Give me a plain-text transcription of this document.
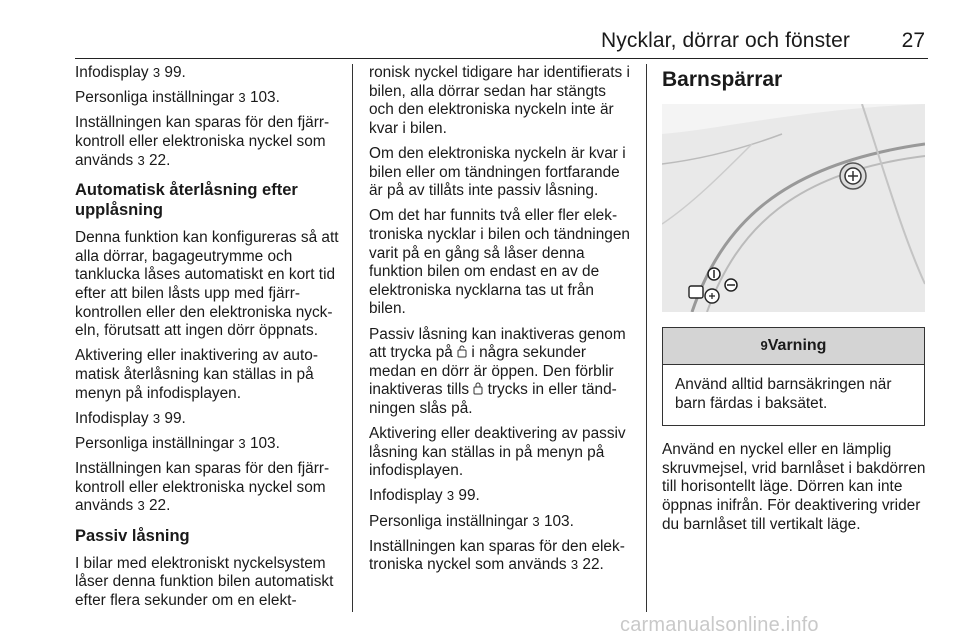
Nycklar, dörrar och fönster 27

Infodisplay 3 99.

Personliga inställningar 3 103.

Inställningen kan sparas för den fjärrkontroll eller elektroniska nyckel som används 3 22.

Automatisk återlåsning efter upplåsning

Denna funktion kan konfigureras så att alla dörrar, bagageutrymme och tanklucka låses automatiskt en kort tid efter att bilen låsts upp med fjärrkontrollen eller den elektroniska nyckeln, förutsatt att ingen dörr öppnats.

Aktivering eller inaktivering av automatisk återlåsning kan ställas in på menyn på infodisplayen.

Infodisplay 3 99.

Personliga inställningar 3 103.

Inställningen kan sparas för den fjärrkontroll eller elektroniska nyckel som används 3 22.

Passiv låsning

I bilar med elektroniskt nyckelsystem låser denna funktion bilen automatiskt efter flera sekunder om en elekt-

ronisk nyckel tidigare har identifierats i bilen, alla dörrar sedan har stängts och den elektroniska nyckeln inte är kvar i bilen.

Om den elektroniska nyckeln är kvar i bilen eller om tändningen fortfarande är på av tillåts inte passiv låsning.

Om det har funnits två eller fler elektroniska nycklar i bilen och tändningen varit på en gång så låser denna funktion bilen om endast en av de elektroniska nycklarna tas ut från bilen.

Passiv låsning kan inaktiveras genom att trycka på i några sekunder medan en dörr är öppen. Den förblir inaktiveras tills trycks in eller tändningen slås på.

Aktivering eller deaktivering av passiv låsning kan ställas in på menyn på infodisplayen.

Infodisplay 3 99.

Personliga inställningar 3 103.

Inställningen kan sparas för den elektroniska nyckel som används 3 22.

Barnspärrar
9Varning
Använd alltid barnsäkringen när barn färdas i baksätet.

Använd en nyckel eller en lämplig skruvmejsel, vrid barnlåset i bakdörren till horisontellt läge. Dörren kan inte öppnas inifrån. För deaktivering vrider du barnlåset till vertikalt läge.

carmanualsonline.info
